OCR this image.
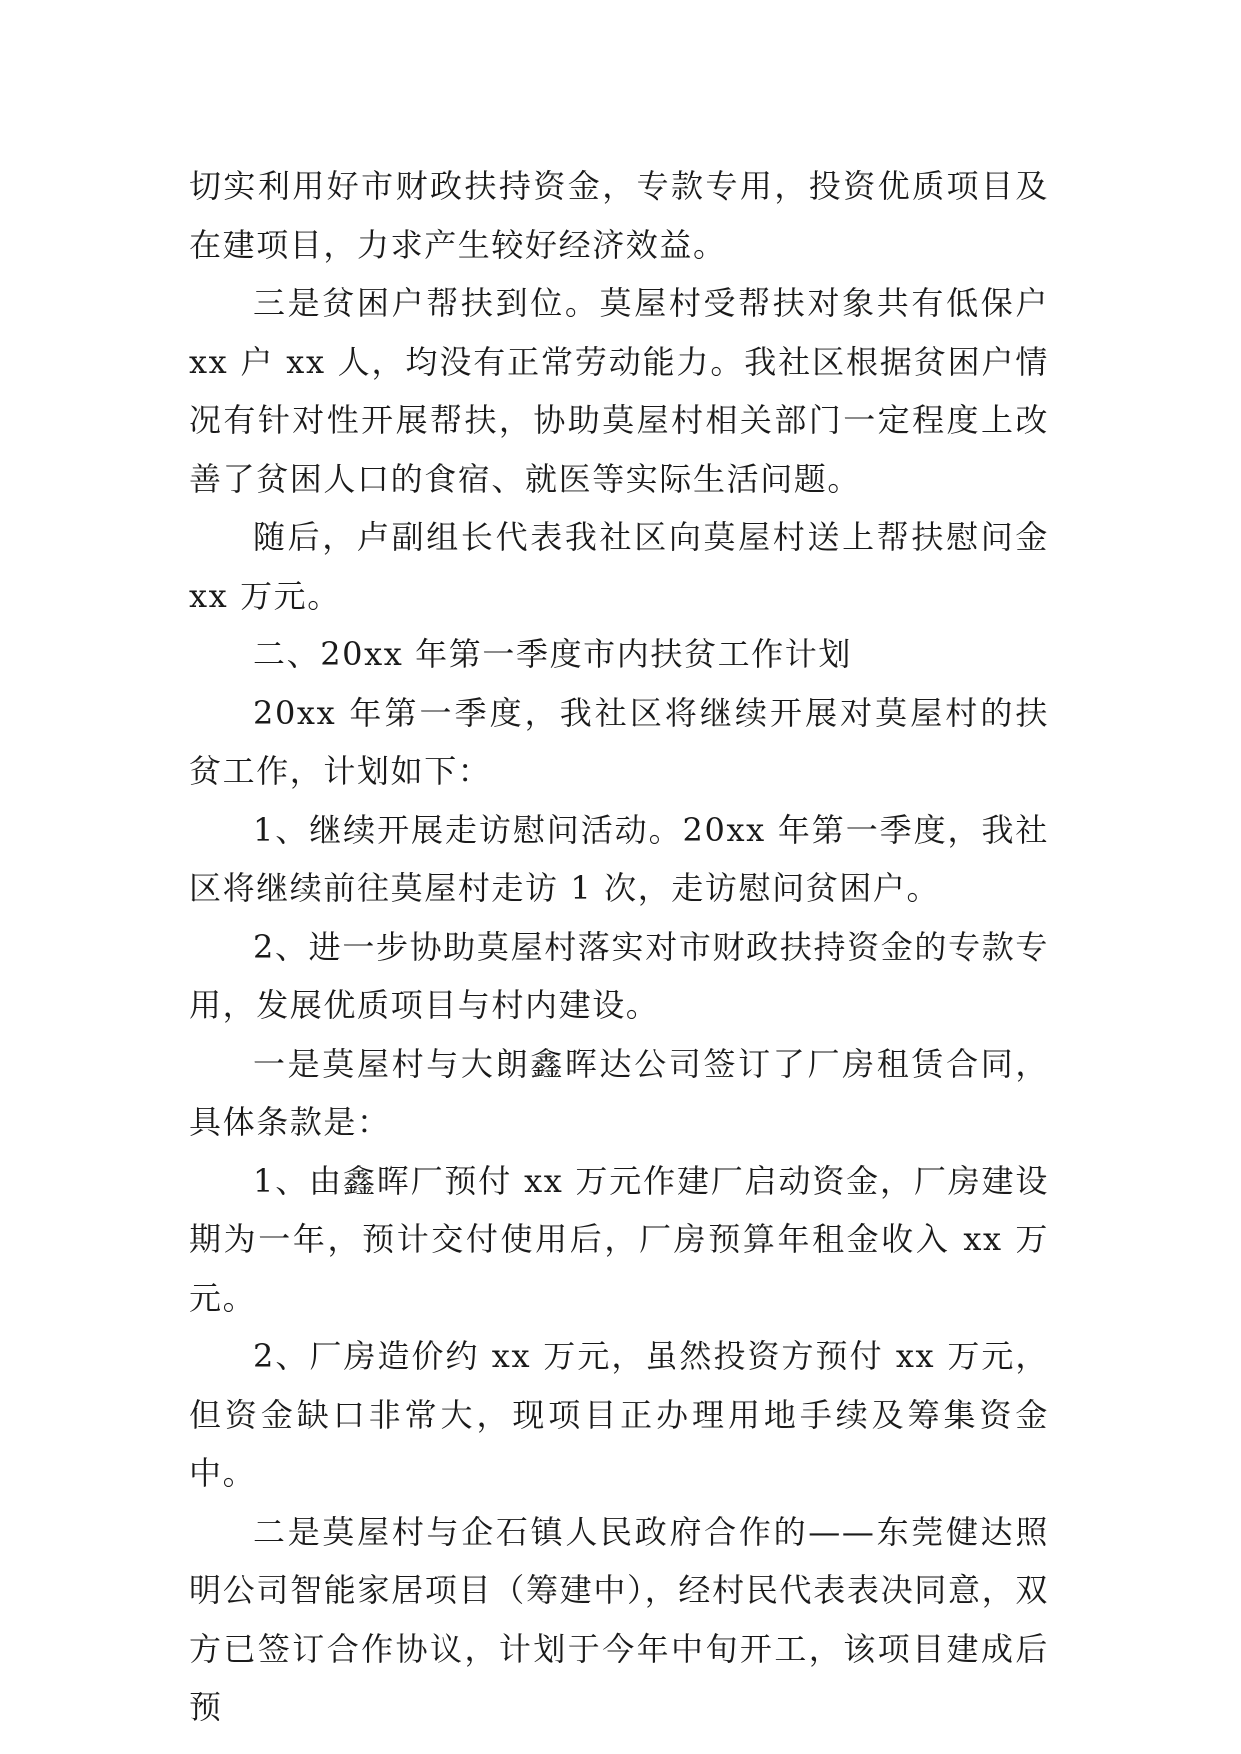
切实利用好市财政扶持资金，专款专用，投资优质项目及在建项目，力求产生较好经济效益。

三是贫困户帮扶到位。莫屋村受帮扶对象共有低保户 xx 户 xx 人，均没有正常劳动能力。我社区根据贫困户情况有针对性开展帮扶，协助莫屋村相关部门一定程度上改善了贫困人口的食宿、就医等实际生活问题。

随后，卢副组长代表我社区向莫屋村送上帮扶慰问金 xx 万元。

二、20xx 年第一季度市内扶贫工作计划

20xx 年第一季度，我社区将继续开展对莫屋村的扶贫工作，计划如下：

1、继续开展走访慰问活动。20xx 年第一季度，我社区将继续前往莫屋村走访 1 次，走访慰问贫困户。

2、进一步协助莫屋村落实对市财政扶持资金的专款专用，发展优质项目与村内建设。

一是莫屋村与大朗鑫晖达公司签订了厂房租赁合同，具体条款是：

1、由鑫晖厂预付 xx 万元作建厂启动资金，厂房建设期为一年，预计交付使用后，厂房预算年租金收入 xx 万元。

2、厂房造价约 xx 万元，虽然投资方预付 xx 万元，但资金缺口非常大，现项目正办理用地手续及筹集资金中。

二是莫屋村与企石镇人民政府合作的——东莞健达照明公司智能家居项目（筹建中），经村民代表表决同意，双方已签订合作协议，计划于今年中旬开工，该项目建成后预
